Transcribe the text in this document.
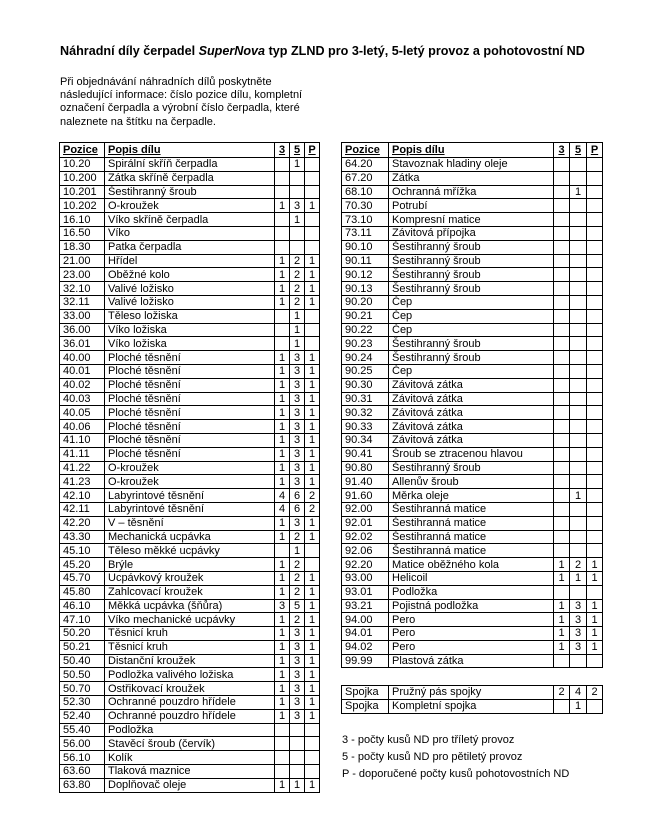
Náhradní díly čerpadel SuperNova typ ZLND pro 3-letý, 5-letý provoz a pohotovostní ND
Při objednávání náhradních dílů poskytněte následující informace: číslo pozice dílu, kompletní označení čerpadla a výrobní číslo čerpadla, které naleznete na štítku na čerpadle.
Pozice	Popis dílu	3	5	P
10.20	Spirální skříň čerpadla		1	
10.200	Zátka skříně čerpadla			
10.201	Šestihranný šroub			
10.202	O-kroužek	1	3	1
16.10	Víko skříně čerpadla		1	
16.50	Víko			
18.30	Patka čerpadla			
21.00	Hřídel	1	2	1
23.00	Oběžné kolo	1	2	1
32.10	Valivé ložisko	1	2	1
32.11	Valivé ložisko	1	2	1
33.00	Těleso ložiska		1	
36.00	Víko ložiska		1	
36.01	Víko ložiska		1	
40.00	Ploché těsnění	1	3	1
40.01	Ploché těsnění	1	3	1
40.02	Ploché těsnění	1	3	1
40.03	Ploché těsnění	1	3	1
40.05	Ploché těsnění	1	3	1
40.06	Ploché těsnění	1	3	1
41.10	Ploché těsnění	1	3	1
41.11	Ploché těsnění	1	3	1
41.22	O-kroužek	1	3	1
41.23	O-kroužek	1	3	1
42.10	Labyrintové těsnění	4	6	2
42.11	Labyrintové těsnění	4	6	2
42.20	V – těsnění	1	3	1
43.30	Mechanická ucpávka	1	2	1
45.10	Těleso měkké ucpávky		1	
45.20	Brýle	1	2	
45.70	Ucpávkový kroužek	1	2	1
45.80	Zahlcovací kroužek	1	2	1
46.10	Měkká ucpávka (šňůra)	3	5	1
47.10	Víko mechanické ucpávky	1	2	1
50.20	Těsnicí kruh	1	3	1
50.21	Těsnicí kruh	1	3	1
50.40	Distanční kroužek	1	3	1
50.50	Podložka valivého ložiska	1	3	1
50.70	Ostřikovací kroužek	1	3	1
52.30	Ochranné pouzdro hřídele	1	3	1
52.40	Ochranné pouzdro hřídele	1	3	1
55.40	Podložka			
56.00	Stavěcí šroub (červík)			
56.10	Kolík			
63.60	Tlaková maznice			
63.80	Doplňovač oleje	1	1	1
Pozice	Popis dílu	3	5	P
64.20	Stavoznak hladiny oleje			
67.20	Zátka			
68.10	Ochranná mřížka		1	
70.30	Potrubí			
73.10	Kompresní matice			
73.11	Závitová přípojka			
90.10	Šestihranný šroub			
90.11	Šestihranný šroub			
90.12	Šestihranný šroub			
90.13	Šestihranný šroub			
90.20	Čep			
90.21	Čep			
90.22	Čep			
90.23	Šestihranný šroub			
90.24	Šestihranný šroub			
90.25	Čep			
90.30	Závitová zátka			
90.31	Závitová zátka			
90.32	Závitová zátka			
90.33	Závitová zátka			
90.34	Závitová zátka			
90.41	Šroub se ztracenou hlavou			
90.80	Šestihranný šroub			
91.40	Allenův šroub			
91.60	Měrka oleje		1	
92.00	Šestihranná matice			
92.01	Šestihranná matice			
92.02	Šestihranná matice			
92.06	Šestihranná matice			
92.20	Matice oběžného kola	1	2	1
93.00	Helicoil	1	1	1
93.01	Podložka			
93.21	Pojistná podložka	1	3	1
94.00	Pero	1	3	1
94.01	Pero	1	3	1
94.02	Pero	1	3	1
99.99	Plastová zátka			
Spojka	Pružný pás spojky	2	4	2
Spojka	Kompletní spojka		1	
3 - počty kusů ND pro tříletý provoz
5 - počty kusů ND pro pětiletý provoz
P - doporučené počty kusů pohotovostních ND
